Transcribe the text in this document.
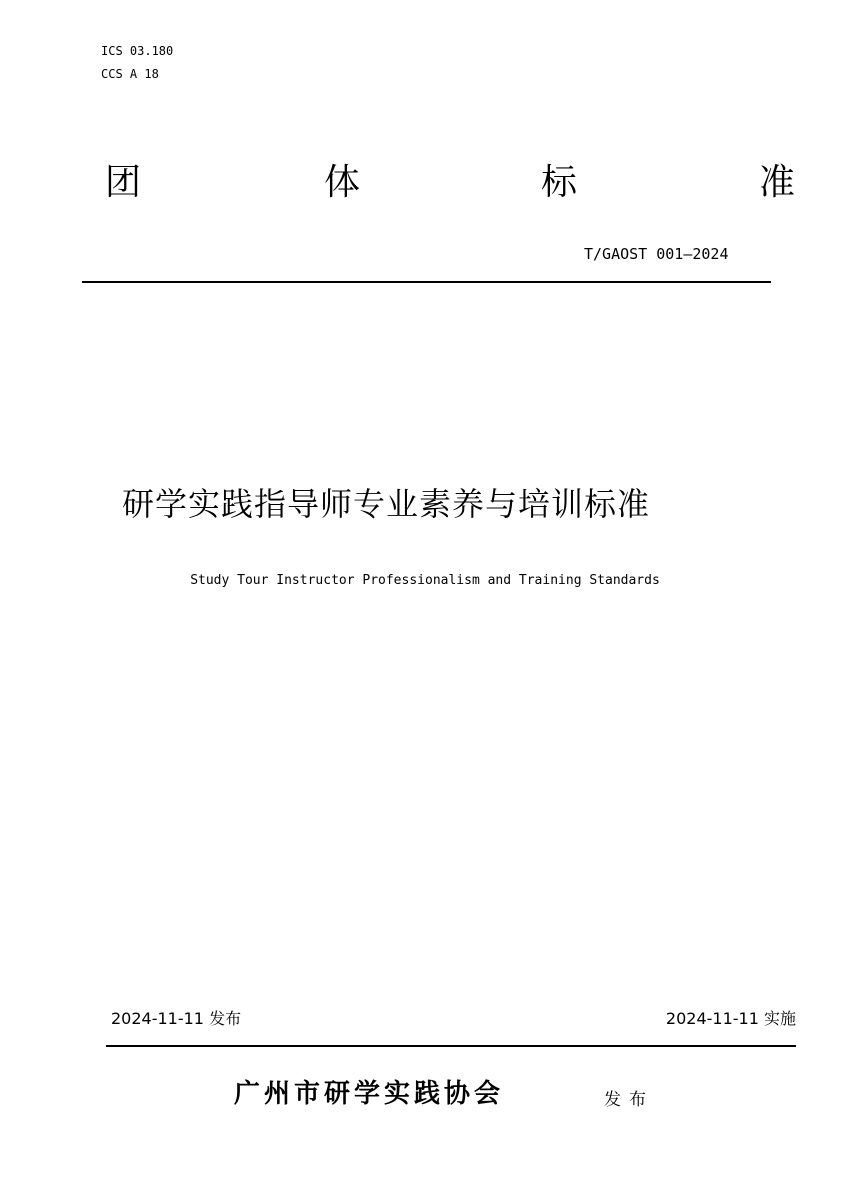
ICS 03.180
CCS A 18
团	体	标	准
T/GAOST 001—2024
研学实践指导师专业素养与培训标准
Study Tour Instructor Professionalism and Training Standards
2024-11-11 发布	2024-11-11 实施
广州市研学实践协会	发布
